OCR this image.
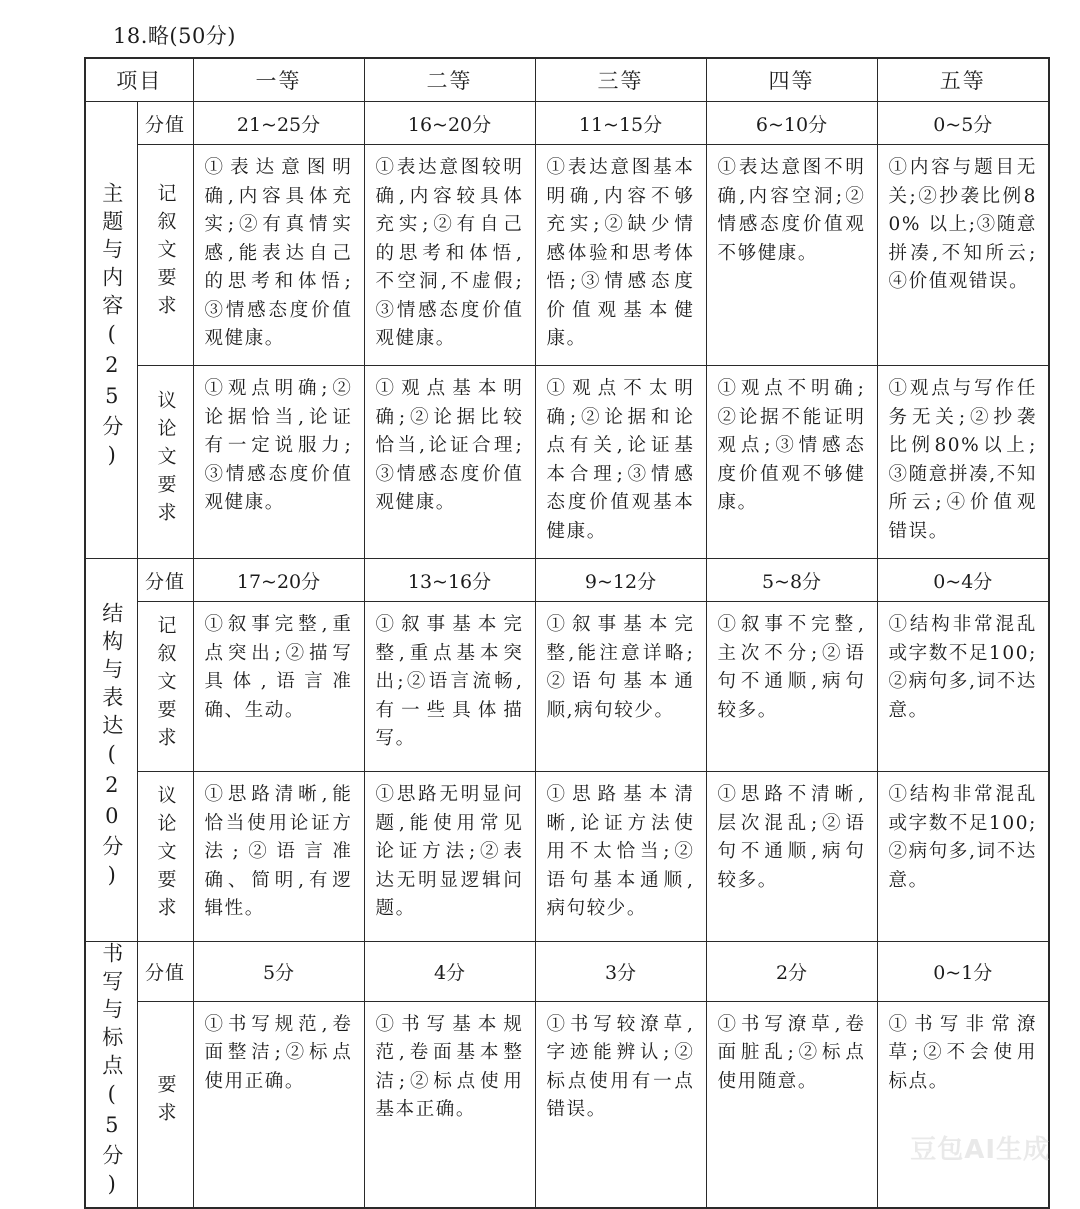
18.略(50分)
项目		一等	二等	三等	四等	五等
主题与内容(25分)	分值	21~25分	16~20分	11~15分	6~10分	0~5分
	记叙文要求	①表达意图明确,内容具体充实;②有真情实感,能表达自己的思考和体悟;③情感态度价值观健康。	①表达意图较明确,内容较具体充实;②有自己的思考和体悟,不空洞,不虚假;③情感态度价值观健康。	①表达意图基本明确,内容不够充实;②缺少情感体验和思考体悟;③情感态度价值观基本健康。	①表达意图不明确,内容空洞;②情感态度价值观不够健康。	①内容与题目无关;②抄袭比例80% 以上;③随意拼凑,不知所云;④价值观错误。
	议论文要求	①观点明确;②论据恰当,论证有一定说服力;③情感态度价值观健康。	①观点基本明确;②论据比较恰当,论证合理;③情感态度价值观健康。	①观点不太明确;②论据和论点有关,论证基本合理;③情感态度价值观基本健康。	①观点不明确;②论据不能证明观点;③情感态度价值观不够健康。	①观点与写作任务无关;②抄袭比例80%以上;③随意拼凑,不知所云;④价值观错误。
结构与表达(20分)	分值	17~20分	13~16分	9~12分	5~8分	0~4分
	记叙文要求	①叙事完整,重点突出;②描写具体,语言准确、生动。	①叙事基本完整,重点基本突出;②语言流畅,有一些具体描写。	①叙事基本完整,能注意详略;②语句基本通顺,病句较少。	①叙事不完整,主次不分;②语句不通顺,病句较多。	①结构非常混乱或字数不足100;②病句多,词不达意。
	议论文要求	①思路清晰,能恰当使用论证方法;②语言准确、简明,有逻辑性。	①思路无明显问题,能使用常见论证方法;②表达无明显逻辑问题。	①思路基本清晰,论证方法使用不太恰当;②语句基本通顺,病句较少。	①思路不清晰,层次混乱;②语句不通顺,病句较多。	①结构非常混乱或字数不足100;②病句多,词不达意。
书写与标点(5分)	分值	5分	4分	3分	2分	0~1分
	要求	①书写规范,卷面整洁;②标点使用正确。	①书写基本规范,卷面基本整洁;②标点使用基本正确。	①书写较潦草,字迹能辨认;②标点使用有一点错误。	①书写潦草,卷面脏乱;②标点使用随意。	①书写非常潦草;②不会使用标点。
豆包AI生成
